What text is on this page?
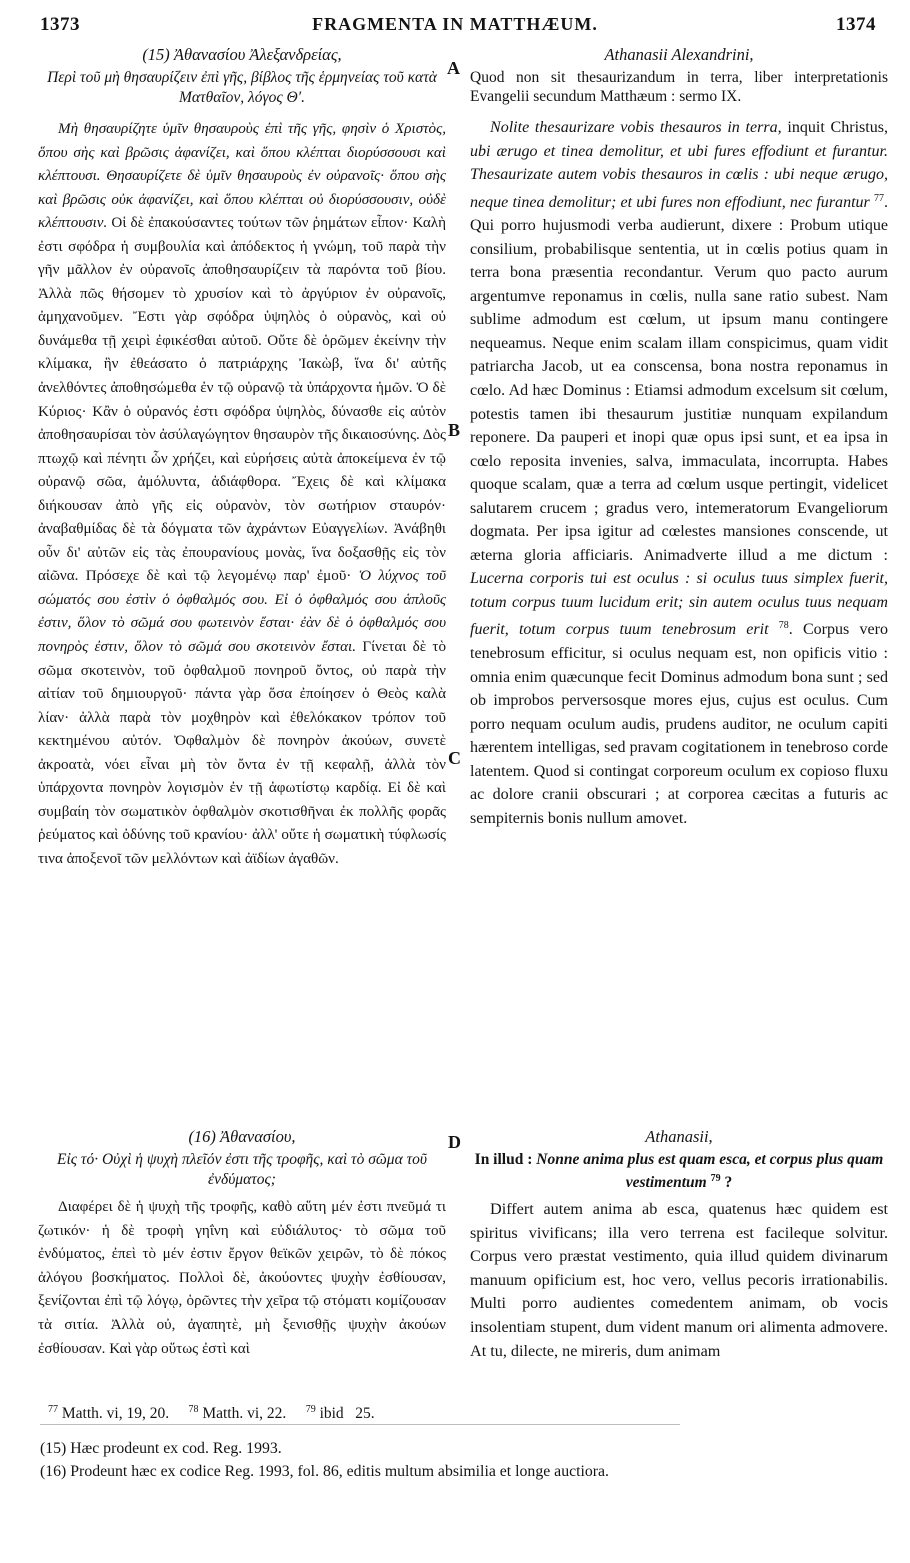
FRAGMENTA IN MATTHÆUM.
1373	1374
A
B
C
D
(15) Ἀθανασίου Ἀλεξανδρείας,
Περὶ τοῦ μὴ θησαυρίζειν ἐπὶ γῆς, βίβλος τῆς ἑρμηνείας τοῦ κατὰ Ματθαῖον, λόγος Θ′.
Μὴ θησαυρίζητε ὑμῖν θησαυροὺς ἐπὶ τῆς γῆς, φησὶν ὁ Χριστὸς, ὅπου σὴς καὶ βρῶσις ἀφανίζει, καὶ ὅπου κλέπται διορύσσουσι καὶ κλέπτουσι. Θησαυρίζετε δὲ ὑμῖν θησαυροὺς ἐν οὐρανοῖς· ὅπου σὴς καὶ βρῶσις οὐκ ἀφανίζει, καὶ ὅπου κλέπται οὐ διορύσσουσιν, οὐδὲ κλέπτουσιν. Οἱ δὲ ἐπακούσαντες τούτων τῶν ῥημάτων εἶπον· Καλὴ ἐστι σφόδρα ἡ συμβουλία καὶ ἀπόδεκτος ἡ γνώμη, τοῦ παρὰ τὴν γῆν μᾶλλον ἐν οὐρανοῖς ἀποθησαυρίζειν τὰ παρόντα τοῦ βίου. Ἀλλὰ πῶς θήσομεν τὸ χρυσίον καὶ τὸ ἀργύριον ἐν οὐρανοῖς, ἀμηχανοῦμεν. Ἔστι γὰρ σφόδρα ὑψηλὸς ὁ οὐρανὸς, καὶ οὐ δυνάμεθα τῇ χειρὶ ἐφικέσθαι αὐτοῦ. Οὔτε δὲ ὁρῶμεν ἐκείνην τὴν κλίμακα, ἣν ἐθεάσατο ὁ πατριάρχης Ἰακὼβ, ἵνα δι' αὐτῆς ἀνελθόντες ἀποθησώμεθα ἐν τῷ οὐρανῷ τὰ ὑπάρχοντα ἡμῶν. Ὁ δὲ Κύριος· Κἂν ὁ οὐρανός ἐστι σφόδρα ὑψηλὸς, δύνασθε εἰς αὐτὸν ἀποθησαυρίσαι τὸν ἀσύλαγώγητον θησαυρὸν τῆς δικαιοσύνης. Δὸς πτωχῷ καὶ πένητι ὧν χρήζει, καὶ εὑρήσεις αὐτὰ ἀποκείμενα ἐν τῷ οὐρανῷ σῶα, ἀμόλυντα, ἀδιάφθορα. Ἔχεις δὲ καὶ κλίμακα διήκουσαν ἀπὸ γῆς εἰς οὐρανὸν, τὸν σωτήριον σταυρόν· ἀναβαθμίδας δὲ τὰ δόγματα τῶν ἀχράντων Εὐαγγελίων. Ἀνάβηθι οὖν δι' αὐτῶν εἰς τὰς ἐπουρανίους μονὰς, ἵνα δοξασθῇς εἰς τὸν αἰῶνα. Πρόσεχε δὲ καὶ τῷ λεγομένῳ παρ' ἐμοῦ· Ὁ λύχνος τοῦ σώματός σου ἐστὶν ὁ ὀφθαλμός σου. Εἰ ὁ ὀφθαλμός σου ἁπλοῦς ἐστιν, ὅλον τὸ σῶμά σου φωτεινὸν ἔσται· ἐὰν δὲ ὁ ὀφθαλμός σου πονηρὸς ἐστιν, ὅλον τὸ σῶμά σου σκοτεινὸν ἔσται. Γίνεται δὲ τὸ σῶμα σκοτεινὸν, τοῦ ὀφθαλμοῦ πονηροῦ ὄντος, οὐ παρὰ τὴν αἰτίαν τοῦ δημιουργοῦ· πάντα γὰρ ὅσα ἐποίησεν ὁ Θεὸς καλὰ λίαν· ἀλλὰ παρὰ τὸν μοχθηρὸν καὶ ἐθελόκακον τρόπον τοῦ κεκτημένου αὐτόν. Ὀφθαλμὸν δὲ πονηρὸν ἀκούων, συνετὲ ἀκροατὰ, νόει εἶναι μὴ τὸν ὄντα ἐν τῇ κεφαλῇ, ἀλλὰ τὸν ὑπάρχοντα πονηρὸν λογισμὸν ἐν τῇ ἀφωτίστῳ καρδίᾳ. Εἰ δὲ καὶ συμβαίη τὸν σωματικὸν ὀφθαλμὸν σκοτισθῆναι ἐκ πολλῆς φορᾶς ῥεύματος καὶ ὀδύνης τοῦ κρανίου· ἀλλ' οὔτε ἡ σωματικὴ τύφλωσίς τινα ἀποξενοῖ τῶν μελλόντων καὶ ἀϊδίων ἀγαθῶν.
Athanasii Alexandrini,
Quod non sit thesaurizandum in terra, liber interpretationis Evangelii secundum Matthæum : sermo IX.
Nolite thesaurizare vobis thesauros in terra, inquit Christus, ubi ærugo et tinea demolitur, et ubi fures effodiunt et furantur. Thesaurizate autem vobis thesauros in cœlis : ubi neque ærugo, neque tinea demolitur; et ubi fures non effodiunt, nec furantur $^{77}$. Qui porro hujusmodi verba audierunt, dixere : Probum utique consilium, probabilisque sententia, ut in cœlis potius quam in terra bona præsentia recondantur. Verum quo pacto aurum argentumve reponamus in cœlis, nulla sane ratio subest. Nam sublime admodum est cœlum, ut ipsum manu contingere nequeamus. Neque enim scalam illam conspicimus, quam vidit patriarcha Jacob, ut ea conscensa, bona nostra reponamus in cœlo. Ad hæc Dominus : Etiamsi admodum excelsum sit cœlum, potestis tamen ibi thesaurum justitiæ nunquam expilandum reponere. Da pauperi et inopi quæ opus ipsi sunt, et ea ipsa in cœlo reposita invenies, salva, immaculata, incorrupta. Habes quoque scalam, quæ a terra ad cœlum usque pertingit, videlicet salutarem crucem ; gradus vero, intemeratorum Evangeliorum dogmata. Per ipsa igitur ad cœlestes mansiones conscende, ut æterna gloria afficiaris. Animadverte illud a me dictum : Lucerna corporis tui est oculus : si oculus tuus simplex fuerit, totum corpus tuum lucidum erit; sin autem oculus tuus nequam fuerit, totum corpus tuum tenebrosum erit $^{78}$. Corpus vero tenebrosum efficitur, si oculus nequam est, non opificis vitio : omnia enim quæcunque fecit Dominus admodum bona sunt ; sed ob improbos perversosque mores ejus, cujus est oculus. Cum porro nequam oculum audis, prudens auditor, ne oculum capiti hærentem intelligas, sed pravam cogitationem in tenebroso corde latentem. Quod si contingat corporeum oculum ex copioso fluxu ac dolore cranii obscurari ; at corporea cæcitas a futuris ac sempiternis bonis nullum amovet.
(16) Ἀθανασίου,
Εἰς τό· Οὐχὶ ἡ ψυχὴ πλεῖόν ἐστι τῆς τροφῆς, καὶ τὸ σῶμα τοῦ ἐνδύματος;
Διαφέρει δὲ ἡ ψυχὴ τῆς τροφῆς, καθὸ αὕτη μέν ἐστι πνεῦμά τι ζωτικόν· ἡ δὲ τροφὴ γηΐνη καὶ εὐδιάλυτος· τὸ σῶμα τοῦ ἐνδύματος, ἐπεὶ τὸ μέν ἐστιν ἔργον θεϊκῶν χειρῶν, τὸ δὲ πόκος ἀλόγου βοσκήματος. Πολλοὶ δὲ, ἀκούοντες ψυχὴν ἐσθίουσαν, ξενίζονται ἐπὶ τῷ λόγῳ, ὁρῶντες τὴν χεῖρα τῷ στόματι κομίζουσαν τὰ σιτία. Ἀλλὰ οὐ, ἀγαπητὲ, μὴ ξενισθῇς ψυχὴν ἀκούων ἐσθίουσαν. Καὶ γὰρ οὕτως ἐστὶ καὶ
Athanasii,
In illud : Nonne anima plus est quam esca, et corpus plus quam vestimentum $^{79}$ ?
Differt autem anima ab esca, quatenus hæc quidem est spiritus vivificans; illa vero terrena est facileque solvitur. Corpus vero præstat vestimento, quia illud quidem divinarum manuum opificium est, hoc vero, vellus pecoris irrationabilis. Multi porro audientes comedentem animam, ob vocis insolentiam stupent, dum vident manum ori alimenta admovere. At tu, dilecte, ne mireris, dum animam
$^{77}$ Matth. vi, 19, 20. $^{78}$ Matth. vi, 22. $^{79}$ ibid   25.
(15) Hæc prodeunt ex cod. Reg. 1993.
(16) Prodeunt hæc ex codice Reg. 1993, fol. 86, editis multum absimilia et longe auctiora.
